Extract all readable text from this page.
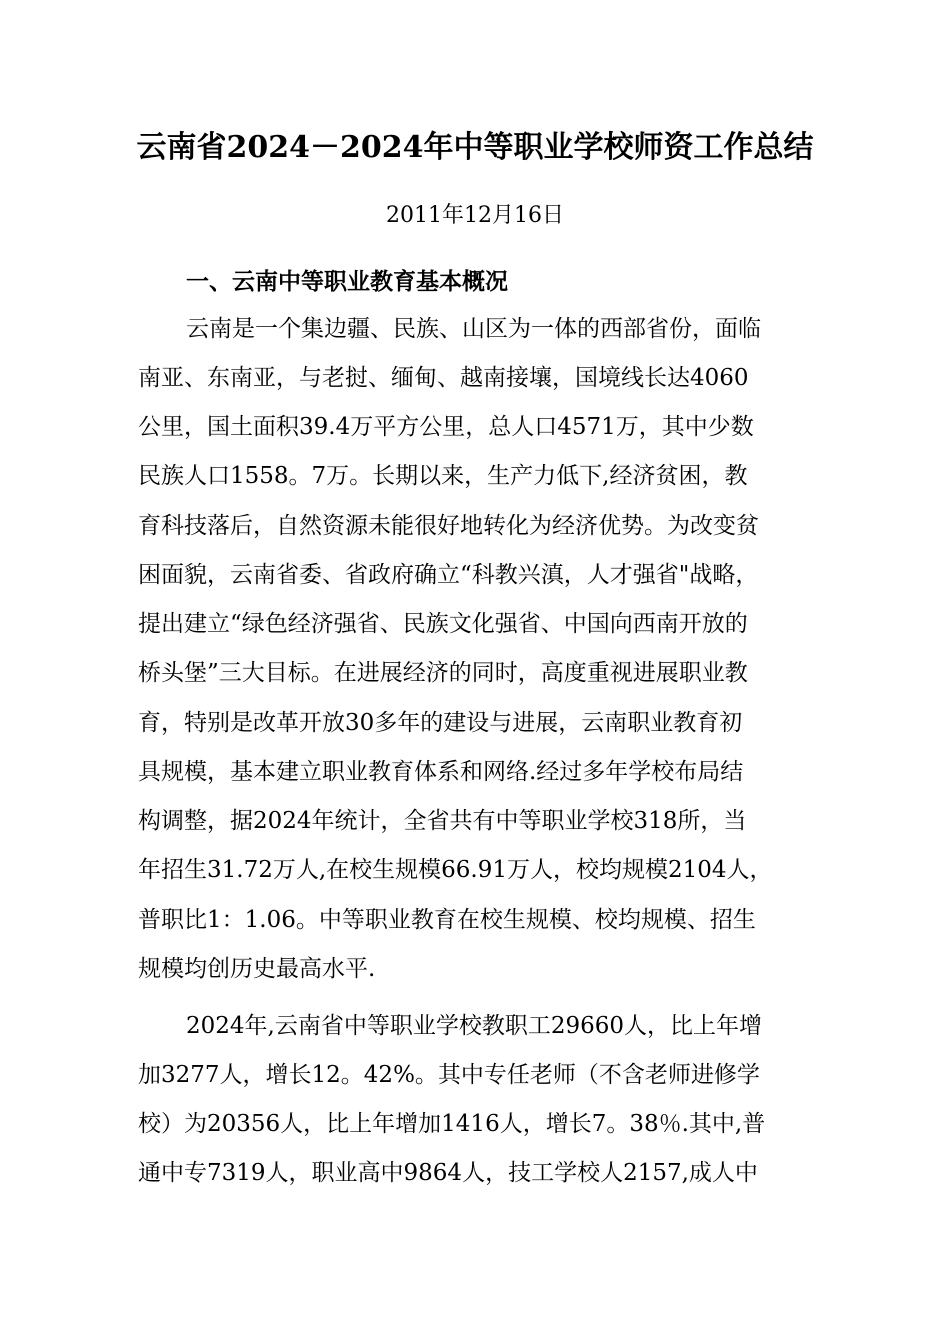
云南省2024－2024年中等职业学校师资工作总结
2011年12月16日
一、云南中等职业教育基本概况
云南是一个集边疆、民族、山区为一体的西部省份，面临
南亚、东南亚，与老挝、缅甸、越南接壤，国境线长达4060
公里，国土面积39.4万平方公里，总人口4571万，其中少数
民族人口1558。7万。长期以来，生产力低下,经济贫困，教
育科技落后，自然资源未能很好地转化为经济优势。为改变贫
困面貌，云南省委、省政府确立“科教兴滇，人才强省"战略，
提出建立“绿色经济强省、民族文化强省、中国向西南开放的
桥头堡”三大目标。在进展经济的同时，高度重视进展职业教
育，特别是改革开放30多年的建设与进展，云南职业教育初
具规模，基本建立职业教育体系和网络.经过多年学校布局结
构调整，据2024年统计，全省共有中等职业学校318所，当
年招生31.72万人,在校生规模66.91万人，校均规模2104人，
普职比1：1.06。中等职业教育在校生规模、校均规模、招生
规模均创历史最高水平.
2024年,云南省中等职业学校教职工29660人，比上年增
加3277人，增长12。42%。其中专任老师（不含老师进修学
校）为20356人，比上年增加1416人，增长7。38％.其中,普
通中专7319人，职业高中9864人，技工学校人2157,成人中
